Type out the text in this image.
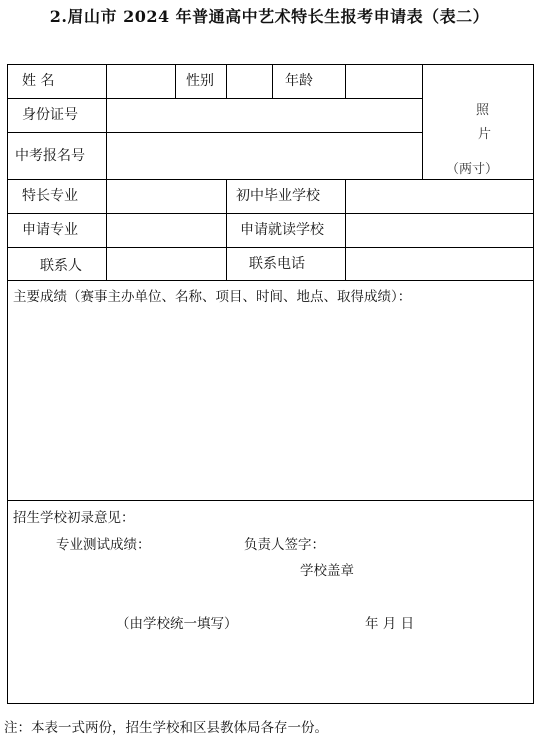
2.眉山市 2024 年普通高中艺术特长生报考申请表（表二）
姓 名	性别	年龄
身份证号
中考报名号
照
片
（两寸）
特长专业	初中毕业学校
申请专业	申请就读学校
联系人	联系电话
主要成绩（赛事主办单位、名称、项目、时间、地点、取得成绩）：
招生学校初录意见：
专业测试成绩：	负责人签字：
学校盖章
（由学校统一填写）	年 月 日
注：本表一式两份，招生学校和区县教体局各存一份。
